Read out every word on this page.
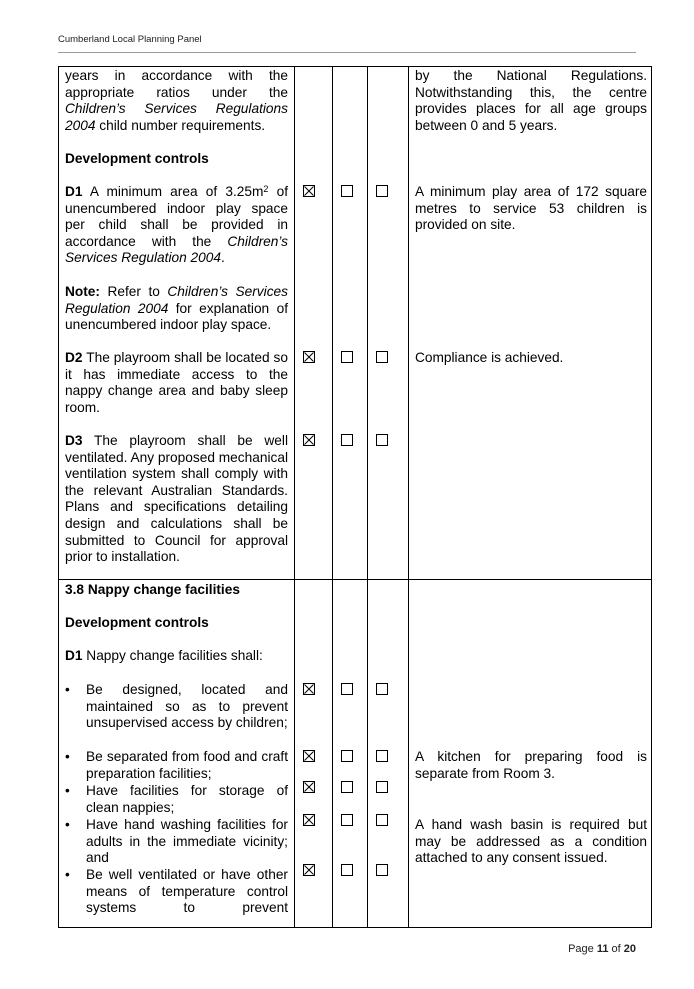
Cumberland Local Planning Panel
years in accordance with the appropriate ratios under the Children’s Services Regulations 2004 child number requirements.
Development controls
D1 A minimum area of $3.25m^2$ of unencumbered indoor play space per child shall be provided in accordance with the Children’s Services Regulation 2004.
Note: Refer to Children’s Services Regulation 2004 for explanation of unencumbered indoor play space.
D2 The playroom shall be located so it has immediate access to the nappy change area and baby sleep room.
D3 The playroom shall be well ventilated. Any proposed mechanical ventilation system shall comply with the relevant Australian Standards. Plans and specifications detailing design and calculations shall be submitted to Council for approval prior to installation.
by the National Regulations. Notwithstanding this, the centre provides places for all age groups between 0 and 5 years.
A minimum play area of 172 square metres to service 53 children is provided on site.
Compliance is achieved.
3.8 Nappy change facilities
Development controls
D1 Nappy change facilities shall:
• Be designed, located and maintained so as to prevent unsupervised access by children;
• Be separated from food and craft preparation facilities;
• Have facilities for storage of clean nappies;
• Have hand washing facilities for adults in the immediate vicinity; and
• Be well ventilated or have other means of temperature control systems to prevent
A kitchen for preparing food is separate from Room 3.
A hand wash basin is required but may be addressed as a condition attached to any consent issued.
Page 11 of 20
